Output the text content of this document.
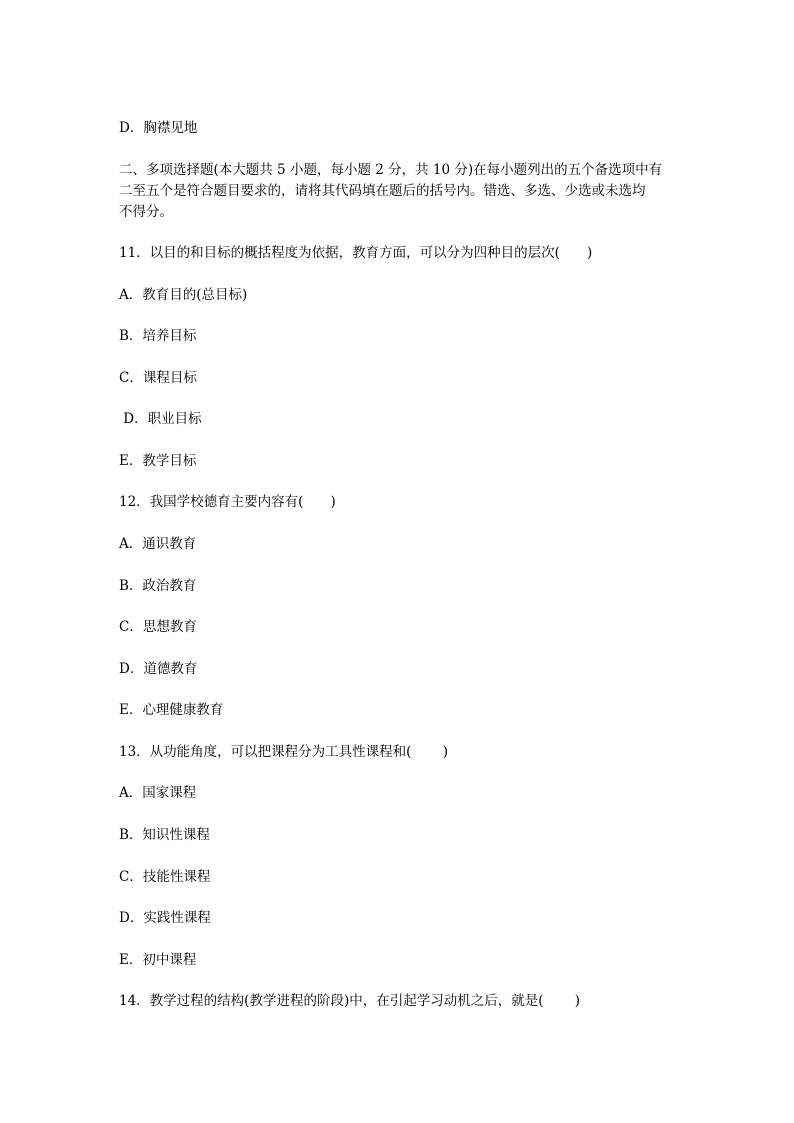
D．胸襟见地
二、多项选择题(本大题共 5 小题，每小题 2 分，共 10 分)在每小题列出的五个备选项中有
二至五个是符合题目要求的，请将其代码填在题后的括号内。错选、多选、少选或未选均
不得分。
11．以目的和目标的概括程度为依据，教育方面，可以分为四种目的层次(　　)
A．教育目的(总目标)
B．培养目标
C．课程目标
D．职业目标
E．教学目标
12．我国学校德育主要内容有(　　)
A．通识教育
B．政治教育
C．思想教育
D．道德教育
E．心理健康教育
13．从功能角度，可以把课程分为工具性课程和(　　 )
A．国家课程
B．知识性课程
C．技能性课程
D．实践性课程
E．初中课程
14．教学过程的结构(教学进程的阶段)中，在引起学习动机之后，就是(　　 )
